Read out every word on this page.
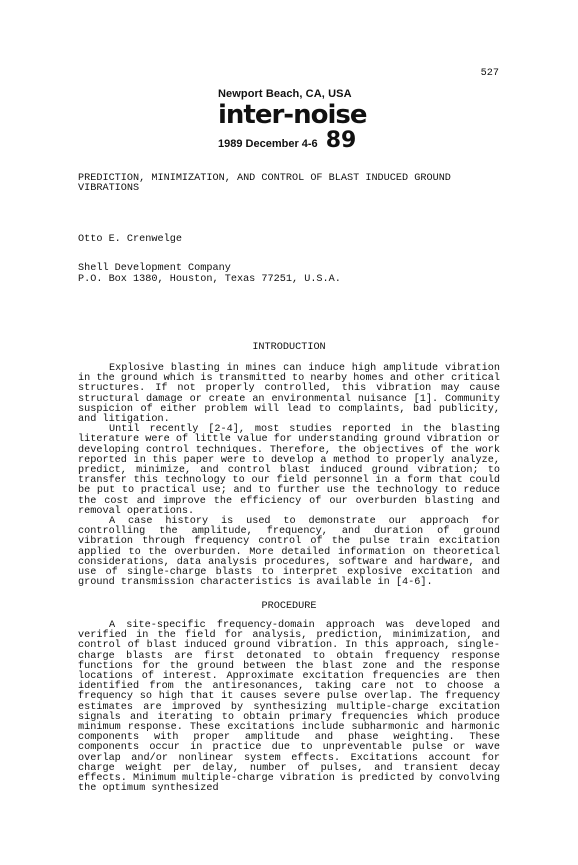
527
Newport Beach, CA, USA
inter-noise
1989 December 4-6 89
PREDICTION, MINIMIZATION, AND CONTROL OF BLAST INDUCED GROUND VIBRATIONS
Otto E. Crenwelge
Shell Development Company
P.O. Box 1380, Houston, Texas 77251, U.S.A.
INTRODUCTION

Explosive blasting in mines can induce high amplitude vibration in the ground which is transmitted to nearby homes and other critical structures. If not properly controlled, this vibration may cause structural damage or create an environmental nuisance [1]. Community suspicion of either problem will lead to complaints, bad publicity, and litigation.

Until recently [2-4], most studies reported in the blasting literature were of little value for understanding ground vibration or developing control techniques. Therefore, the objectives of the work reported in this paper were to develop a method to properly analyze, predict, minimize, and control blast induced ground vibration; to transfer this technology to our field personnel in a form that could be put to practical use; and to further use the technology to reduce the cost and improve the efficiency of our overburden blasting and removal operations.

A case history is used to demonstrate our approach for controlling the amplitude, frequency, and duration of ground vibration through frequency control of the pulse train excitation applied to the overburden. More detailed information on theoretical considerations, data analysis procedures, software and hardware, and use of single-charge blasts to interpret explosive excitation and ground transmission characteristics is available in [4-6].

PROCEDURE

A site-specific frequency-domain approach was developed and verified in the field for analysis, prediction, minimization, and control of blast induced ground vibration. In this approach, single-charge blasts are first detonated to obtain frequency response functions for the ground between the blast zone and the response locations of interest. Approximate excitation frequencies are then identified from the antiresonances, taking care not to choose a frequency so high that it causes severe pulse overlap. The frequency estimates are improved by synthesizing multiple-charge excitation signals and iterating to obtain primary frequencies which produce minimum response. These excitations include subharmonic and harmonic components with proper amplitude and phase weighting. These components occur in practice due to unpreventable pulse or wave overlap and/or nonlinear system effects. Excitations account for charge weight per delay, number of pulses, and transient decay effects. Minimum multiple-charge vibration is predicted by convolving the optimum synthesized
